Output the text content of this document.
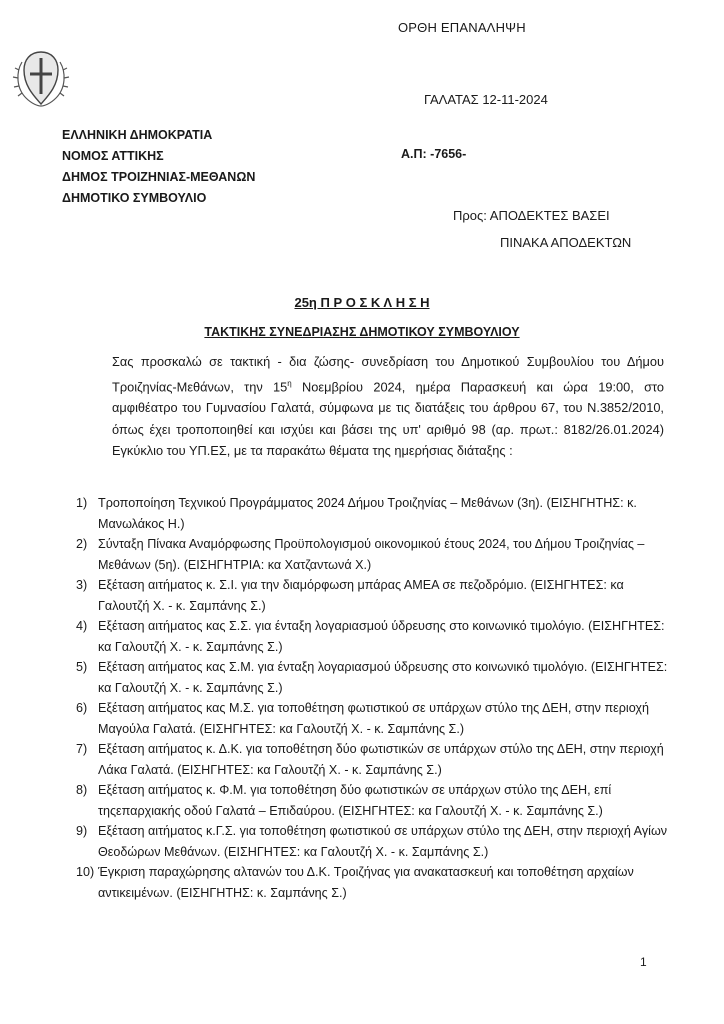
ΟΡΘΗ ΕΠΑΝΑΛΗΨΗ
ΓΑΛΑΤΑΣ 12-11-2024
ΕΛΛΗΝΙΚΗ ΔΗΜΟΚΡΑΤΙΑ
ΝΟΜΟΣ ΑΤΤΙΚΗΣ
ΔΗΜΟΣ ΤΡΟΙΖΗΝΙΑΣ-ΜΕΘΑΝΩΝ
ΔΗΜΟΤΙΚΟ ΣΥΜΒΟΥΛΙΟ
Α.Π: -7656-
Προς: ΑΠΟΔΕΚΤΕΣ ΒΑΣΕΙ
ΠΙΝΑΚΑ ΑΠΟΔΕΚΤΩΝ
25η Π Ρ Ο Σ Κ Λ Η Σ Η
ΤΑΚΤΙΚΗΣ ΣΥΝΕΔΡΙΑΣΗΣ ΔΗΜΟΤΙΚΟΥ ΣΥΜΒΟΥΛΙΟΥ
Σας προσκαλώ σε τακτική - δια ζώσης- συνεδρίαση του Δημοτικού Συμβουλίου του Δήμου Τροιζηνίας-Μεθάνων, την $15^\eta$ Νοεμβρίου 2024, ημέρα Παρασκευή και ώρα 19:00, στο αμφιθέατρο του Γυμνασίου Γαλατά, σύμφωνα με τις διατάξεις του άρθρου 67, του Ν.3852/2010, όπως έχει τροποποιηθεί και ισχύει και βάσει της υπ' αριθμό 98 (αρ. πρωτ.: 8182/26.01.2024) Εγκύκλιο του ΥΠ.ΕΣ, με τα παρακάτω θέματα της ημερήσιας διάταξης :
1) Τροποποίηση Τεχνικού Προγράμματος 2024 Δήμου Τροιζηνίας – Μεθάνων (3η). (ΕΙΣΗΓΗΤΗΣ: κ. Μανωλάκος Η.)
2) Σύνταξη Πίνακα Αναμόρφωσης Προϋπολογισμού οικονομικού έτους 2024, του Δήμου Τροιζηνίας – Μεθάνων (5η). (ΕΙΣΗΓΗΤΡΙΑ: κα Χατζαντωνά Χ.)
3) Εξέταση αιτήματος κ. Σ.Ι. για την διαμόρφωση μπάρας ΑΜΕΑ σε πεζοδρόμιο. (ΕΙΣΗΓΗΤΕΣ: κα Γαλουτζή Χ. - κ. Σαμπάνης Σ.)
4) Εξέταση αιτήματος κας Σ.Σ. για ένταξη λογαριασμού ύδρευσης στο κοινωνικό τιμολόγιο. (ΕΙΣΗΓΗΤΕΣ: κα Γαλουτζή Χ. - κ. Σαμπάνης Σ.)
5) Εξέταση αιτήματος κας Σ.Μ. για ένταξη λογαριασμού ύδρευσης στο κοινωνικό τιμολόγιο. (ΕΙΣΗΓΗΤΕΣ: κα Γαλουτζή Χ. - κ. Σαμπάνης Σ.)
6) Εξέταση αιτήματος κας Μ.Σ. για τοποθέτηση φωτιστικού σε υπάρχων στύλο της ΔΕΗ, στην περιοχή Μαγούλα Γαλατά. (ΕΙΣΗΓΗΤΕΣ: κα Γαλουτζή Χ. - κ. Σαμπάνης Σ.)
7) Εξέταση αιτήματος κ. Δ.Κ. για τοποθέτηση δύο φωτιστικών σε υπάρχων στύλο της ΔΕΗ, στην περιοχή Λάκα Γαλατά. (ΕΙΣΗΓΗΤΕΣ: κα Γαλουτζή Χ. - κ. Σαμπάνης Σ.)
8) Εξέταση αιτήματος κ. Φ.Μ. για τοποθέτηση δύο φωτιστικών σε υπάρχων στύλο της ΔΕΗ, επί τηςεπαρχιακής οδού Γαλατά – Επιδαύρου. (ΕΙΣΗΓΗΤΕΣ: κα Γαλουτζή Χ. - κ. Σαμπάνης Σ.)
9) Εξέταση αιτήματος κ.Γ.Σ. για τοποθέτηση φωτιστικού σε υπάρχων στύλο της ΔΕΗ, στην περιοχή Αγίων Θεοδώρων Μεθάνων. (ΕΙΣΗΓΗΤΕΣ: κα Γαλουτζή Χ. - κ. Σαμπάνης Σ.)
10) Έγκριση παραχώρησης αλτανών του Δ.Κ. Τροιζήνας για ανακατασκευή και τοποθέτηση αρχαίων αντικειμένων. (ΕΙΣΗΓΗΤΗΣ: κ. Σαμπάνης Σ.)
1
